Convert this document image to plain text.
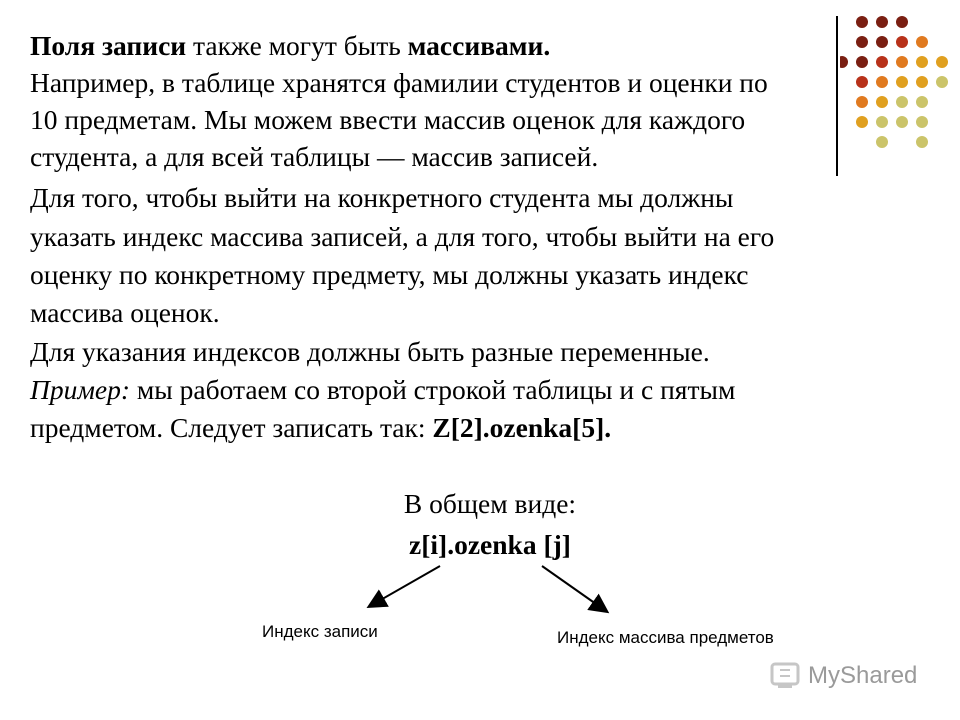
Поля записи также могут быть массивами.
Например, в таблице хранятся фамилии студентов и оценки по
10 предметам. Мы можем ввести массив оценок для каждого
студента, а для всей таблицы — массив записей.
Для того, чтобы выйти на конкретного студента мы должны
указать индекс массива записей, а для того, чтобы выйти на его
оценку по конкретному предмету, мы должны указать индекс
массива оценок.
Для указания индексов должны быть разные переменные.
Пример: мы работаем со второй строкой таблицы и с пятым
предметом. Следует записать так: Z[2].ozenka[5].
В общем виде:
z[i].ozenka [j]
Индекс записи	Индекс массива предметов
MyShared
